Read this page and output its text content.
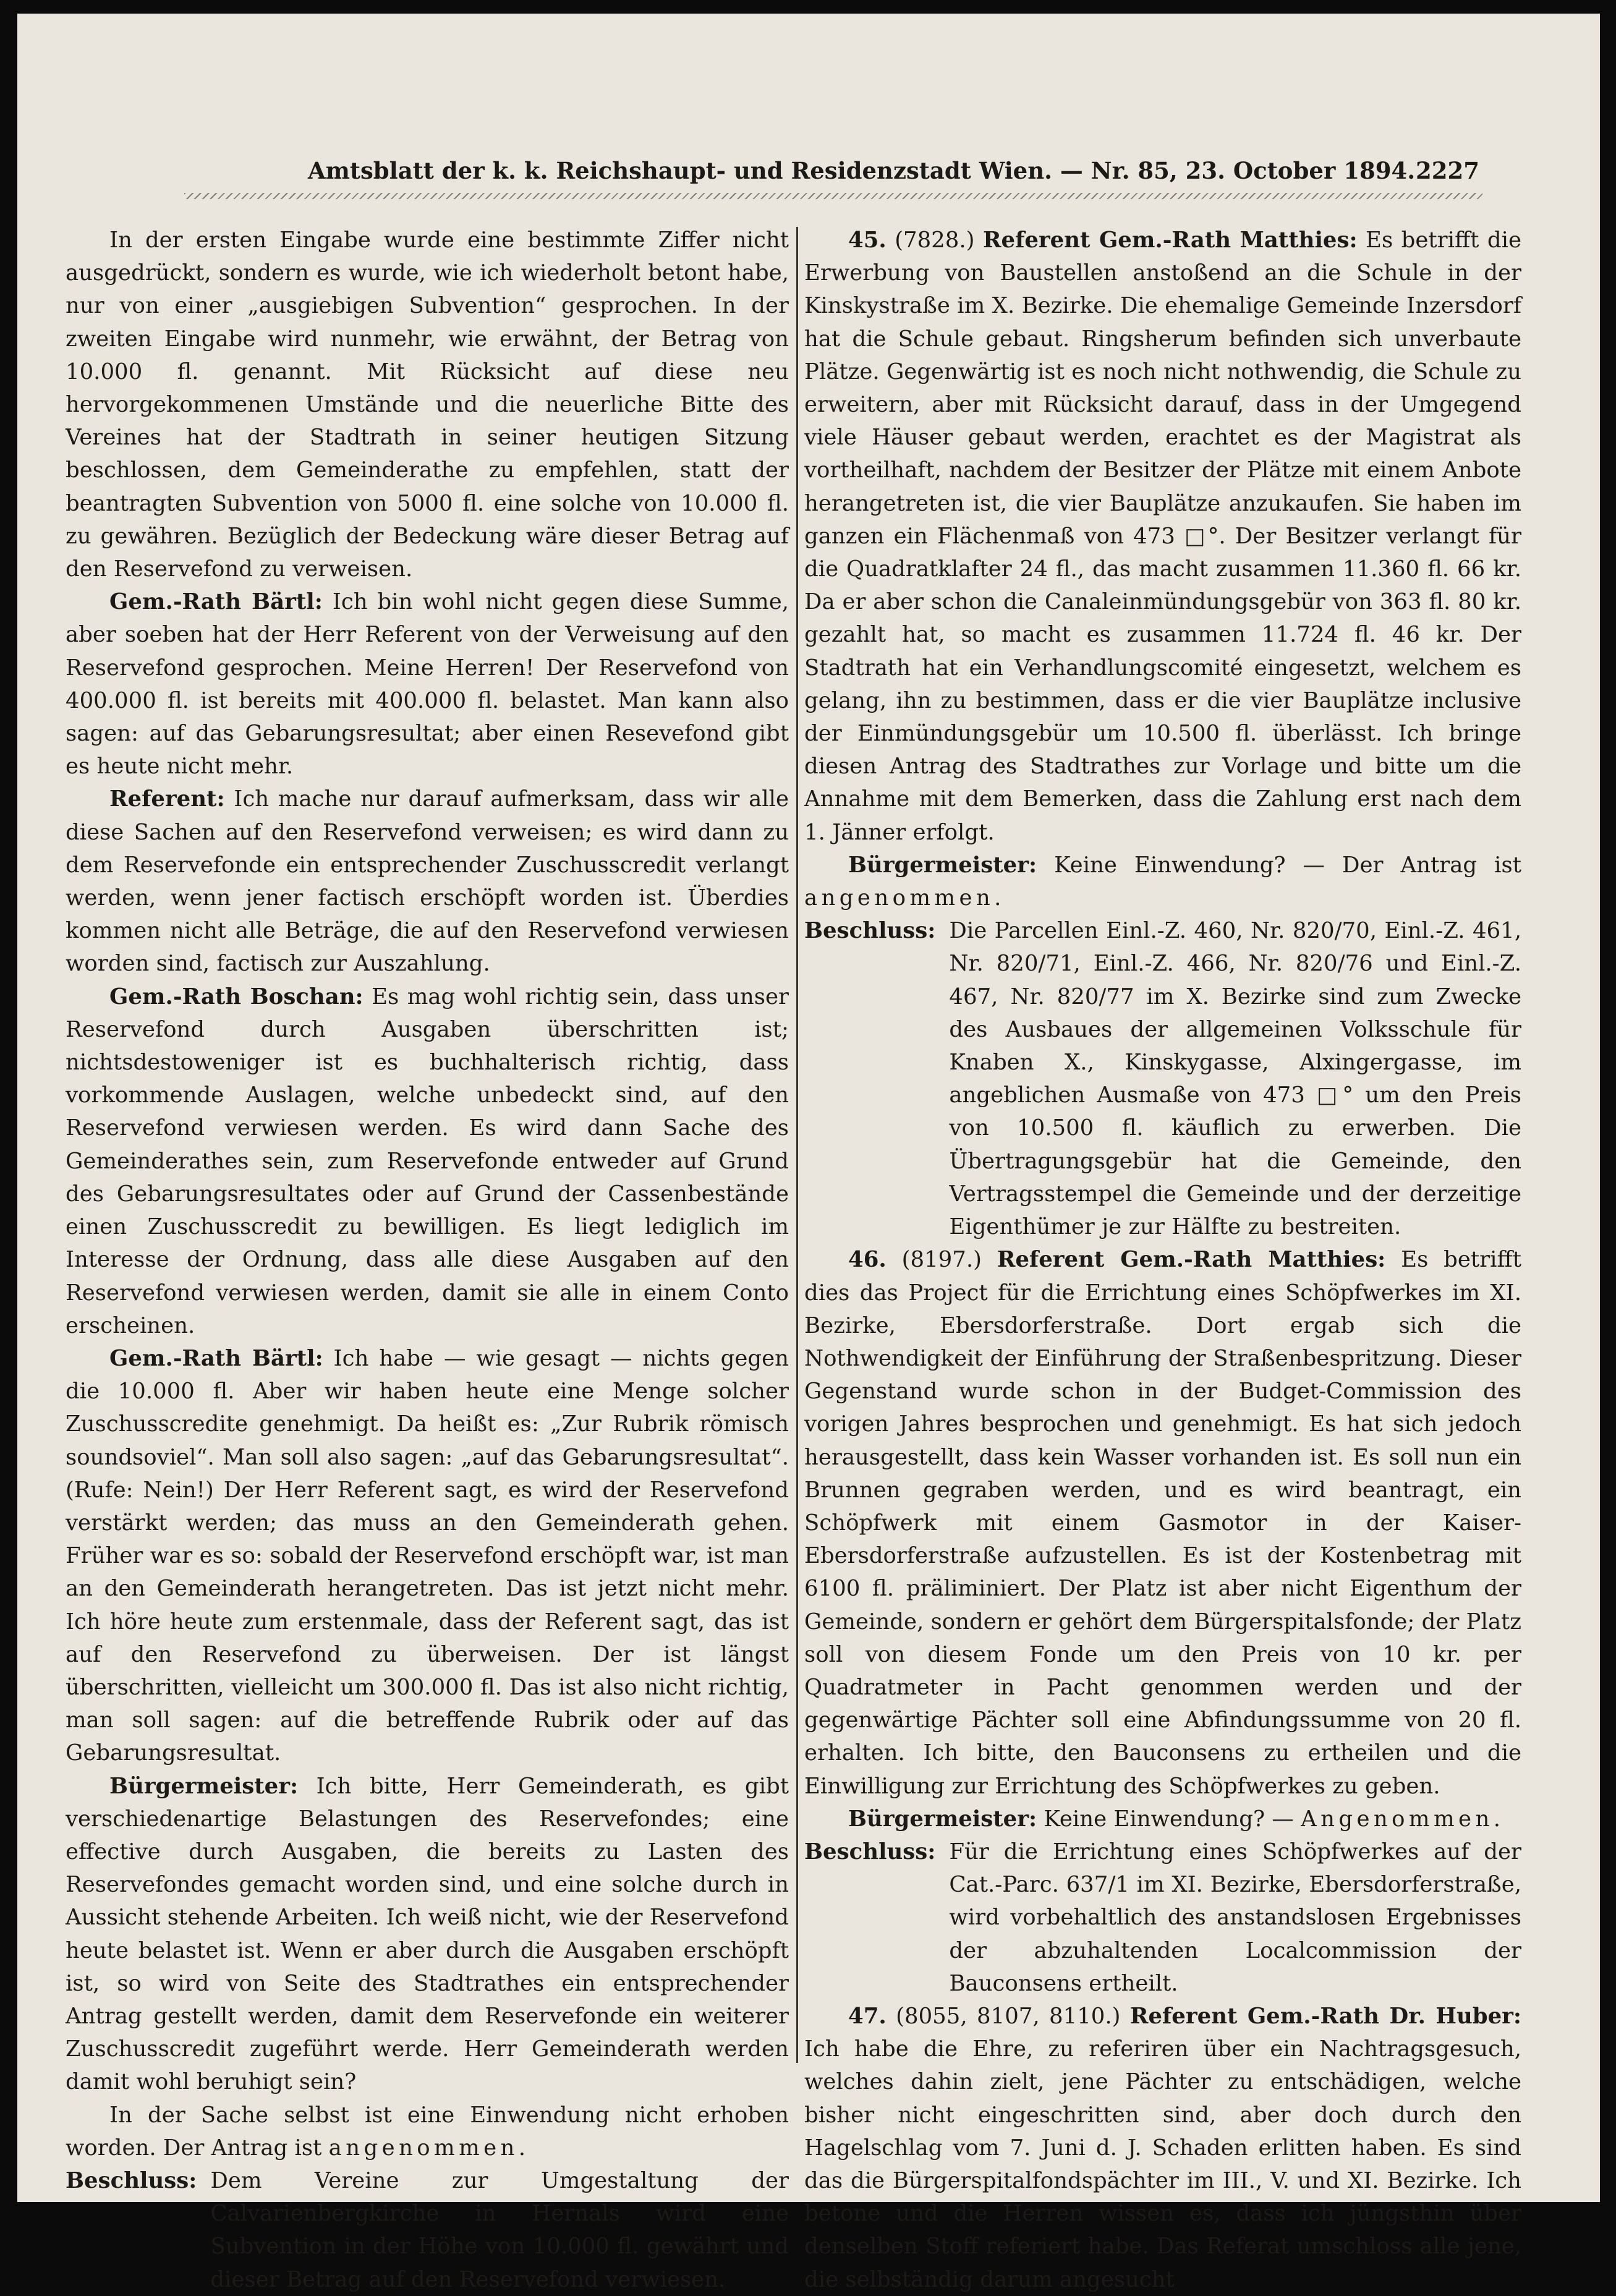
Amtsblatt der k. k. Reichshaupt- und Residenzstadt Wien. — Nr. 85, 23. October 1894. 2227

In der ersten Eingabe wurde eine bestimmte Ziffer nicht ausgedrückt, sondern es wurde, wie ich wiederholt betont habe, nur von einer „ausgiebigen Subvention“ gesprochen. In der zweiten Eingabe wird nunmehr, wie erwähnt, der Betrag von 10.000 fl. genannt. Mit Rücksicht auf diese neu hervorgekommenen Umstände und die neuerliche Bitte des Vereines hat der Stadtrath in seiner heutigen Sitzung beschlossen, dem Gemeinderathe zu empfehlen, statt der beantragten Subvention von 5000 fl. eine solche von 10.000 fl. zu gewähren. Bezüglich der Bedeckung wäre dieser Betrag auf den Reservefond zu verweisen.

Gem.-Rath Bärtl: Ich bin wohl nicht gegen diese Summe, aber soeben hat der Herr Referent von der Verweisung auf den Reservefond gesprochen. Meine Herren! Der Reservefond von 400.000 fl. ist bereits mit 400.000 fl. belastet. Man kann also sagen: auf das Gebarungsresultat; aber einen Resevefond gibt es heute nicht mehr.

Referent: Ich mache nur darauf aufmerksam, dass wir alle diese Sachen auf den Reservefond verweisen; es wird dann zu dem Reservefonde ein entsprechender Zuschusscredit verlangt werden, wenn jener factisch erschöpft worden ist. Überdies kommen nicht alle Beträge, die auf den Reservefond verwiesen worden sind, factisch zur Auszahlung.

Gem.-Rath Boschan: Es mag wohl richtig sein, dass unser Reservefond durch Ausgaben überschritten ist; nichtsdestoweniger ist es buchhalterisch richtig, dass vorkommende Auslagen, welche unbedeckt sind, auf den Reservefond verwiesen werden. Es wird dann Sache des Gemeinderathes sein, zum Reservefonde entweder auf Grund des Gebarungsresultates oder auf Grund der Cassenbestände einen Zuschusscredit zu bewilligen. Es liegt lediglich im Interesse der Ordnung, dass alle diese Ausgaben auf den Reservefond verwiesen werden, damit sie alle in einem Conto erscheinen.

Gem.-Rath Bärtl: Ich habe — wie gesagt — nichts gegen die 10.000 fl. Aber wir haben heute eine Menge solcher Zuschusscredite genehmigt. Da heißt es: „Zur Rubrik römisch soundsoviel“. Man soll also sagen: „auf das Gebarungsresultat“. (Rufe: Nein!) Der Herr Referent sagt, es wird der Reservefond verstärkt werden; das muss an den Gemeinderath gehen. Früher war es so: sobald der Reservefond erschöpft war, ist man an den Gemeinderath herangetreten. Das ist jetzt nicht mehr. Ich höre heute zum erstenmale, dass der Referent sagt, das ist auf den Reservefond zu überweisen. Der ist längst überschritten, vielleicht um 300.000 fl. Das ist also nicht richtig, man soll sagen: auf die betreffende Rubrik oder auf das Gebarungsresultat.

Bürgermeister: Ich bitte, Herr Gemeinderath, es gibt verschiedenartige Belastungen des Reservefondes; eine effective durch Ausgaben, die bereits zu Lasten des Reservefondes gemacht worden sind, und eine solche durch in Aussicht stehende Arbeiten. Ich weiß nicht, wie der Reservefond heute belastet ist. Wenn er aber durch die Ausgaben erschöpft ist, so wird von Seite des Stadtrathes ein entsprechender Antrag gestellt werden, damit dem Reservefonde ein weiterer Zuschusscredit zugeführt werde. Herr Gemeinderath werden damit wohl beruhigt sein?

In der Sache selbst ist eine Einwendung nicht erhoben worden. Der Antrag ist angenommen.

Beschluss: Dem Vereine zur Umgestaltung der Calvarienbergkirche in Hernals wird eine Subvention in der Höhe von 10.000 fl. gewährt und dieser Betrag auf den Reservefond verwiesen.

45. (7828.) Referent Gem.-Rath Matthies: Es betrifft die Erwerbung von Baustellen anstoßend an die Schule in der Kinskystraße im X. Bezirke. Die ehemalige Gemeinde Inzersdorf hat die Schule gebaut. Ringsherum befinden sich unverbaute Plätze. Gegenwärtig ist es noch nicht nothwendig, die Schule zu erweitern, aber mit Rücksicht darauf, dass in der Umgegend viele Häuser gebaut werden, erachtet es der Magistrat als vortheilhaft, nachdem der Besitzer der Plätze mit einem Anbote herangetreten ist, die vier Bauplätze anzukaufen. Sie haben im ganzen ein Flächenmaß von 473 □°. Der Besitzer verlangt für die Quadratklafter 24 fl., das macht zusammen 11.360 fl. 66 kr. Da er aber schon die Canaleinmündungsgebür von 363 fl. 80 kr. gezahlt hat, so macht es zusammen 11.724 fl. 46 kr. Der Stadtrath hat ein Verhandlungscomité eingesetzt, welchem es gelang, ihn zu bestimmen, dass er die vier Bauplätze inclusive der Einmündungsgebür um 10.500 fl. überlässt. Ich bringe diesen Antrag des Stadtrathes zur Vorlage und bitte um die Annahme mit dem Bemerken, dass die Zahlung erst nach dem 1. Jänner erfolgt.

Bürgermeister: Keine Einwendung? — Der Antrag ist angenommen.

Beschluss: Die Parcellen Einl.-Z. 460, Nr. 820/70, Einl.-Z. 461, Nr. 820/71, Einl.-Z. 466, Nr. 820/76 und Einl.-Z. 467, Nr. 820/77 im X. Bezirke sind zum Zwecke des Ausbaues der allgemeinen Volksschule für Knaben X., Kinskygasse, Alxingergasse, im angeblichen Ausmaße von 473 □° um den Preis von 10.500 fl. käuflich zu erwerben. Die Übertragungsgebür hat die Gemeinde, den Vertragsstempel die Gemeinde und der derzeitige Eigenthümer je zur Hälfte zu bestreiten.

46. (8197.) Referent Gem.-Rath Matthies: Es betrifft dies das Project für die Errichtung eines Schöpfwerkes im XI. Bezirke, Ebersdorferstraße. Dort ergab sich die Nothwendigkeit der Einführung der Straßenbespritzung. Dieser Gegenstand wurde schon in der Budget-Commission des vorigen Jahres besprochen und genehmigt. Es hat sich jedoch herausgestellt, dass kein Wasser vorhanden ist. Es soll nun ein Brunnen gegraben werden, und es wird beantragt, ein Schöpfwerk mit einem Gasmotor in der Kaiser-Ebersdorferstraße aufzustellen. Es ist der Kostenbetrag mit 6100 fl. präliminiert. Der Platz ist aber nicht Eigenthum der Gemeinde, sondern er gehört dem Bürgerspitalsfonde; der Platz soll von diesem Fonde um den Preis von 10 kr. per Quadratmeter in Pacht genommen werden und der gegenwärtige Pächter soll eine Abfindungssumme von 20 fl. erhalten. Ich bitte, den Bauconsens zu ertheilen und die Einwilligung zur Errichtung des Schöpfwerkes zu geben.

Bürgermeister: Keine Einwendung? — Angenommen.

Beschluss: Für die Errichtung eines Schöpfwerkes auf der Cat.-Parc. 637/1 im XI. Bezirke, Ebersdorferstraße, wird vorbehaltlich des anstandslosen Ergebnisses der abzuhaltenden Localcommission der Bauconsens ertheilt.

47. (8055, 8107, 8110.) Referent Gem.-Rath Dr. Huber: Ich habe die Ehre, zu referiren über ein Nachtragsgesuch, welches dahin zielt, jene Pächter zu entschädigen, welche bisher nicht eingeschritten sind, aber doch durch den Hagelschlag vom 7. Juni d. J. Schaden erlitten haben. Es sind das die Bürgerspitalfondspächter im III., V. und XI. Bezirke. Ich betone und die Herren wissen es, dass ich jüngsthin über denselben Stoff referiert habe. Das Referat umschloss alle jene, die selbständig darum angesucht
